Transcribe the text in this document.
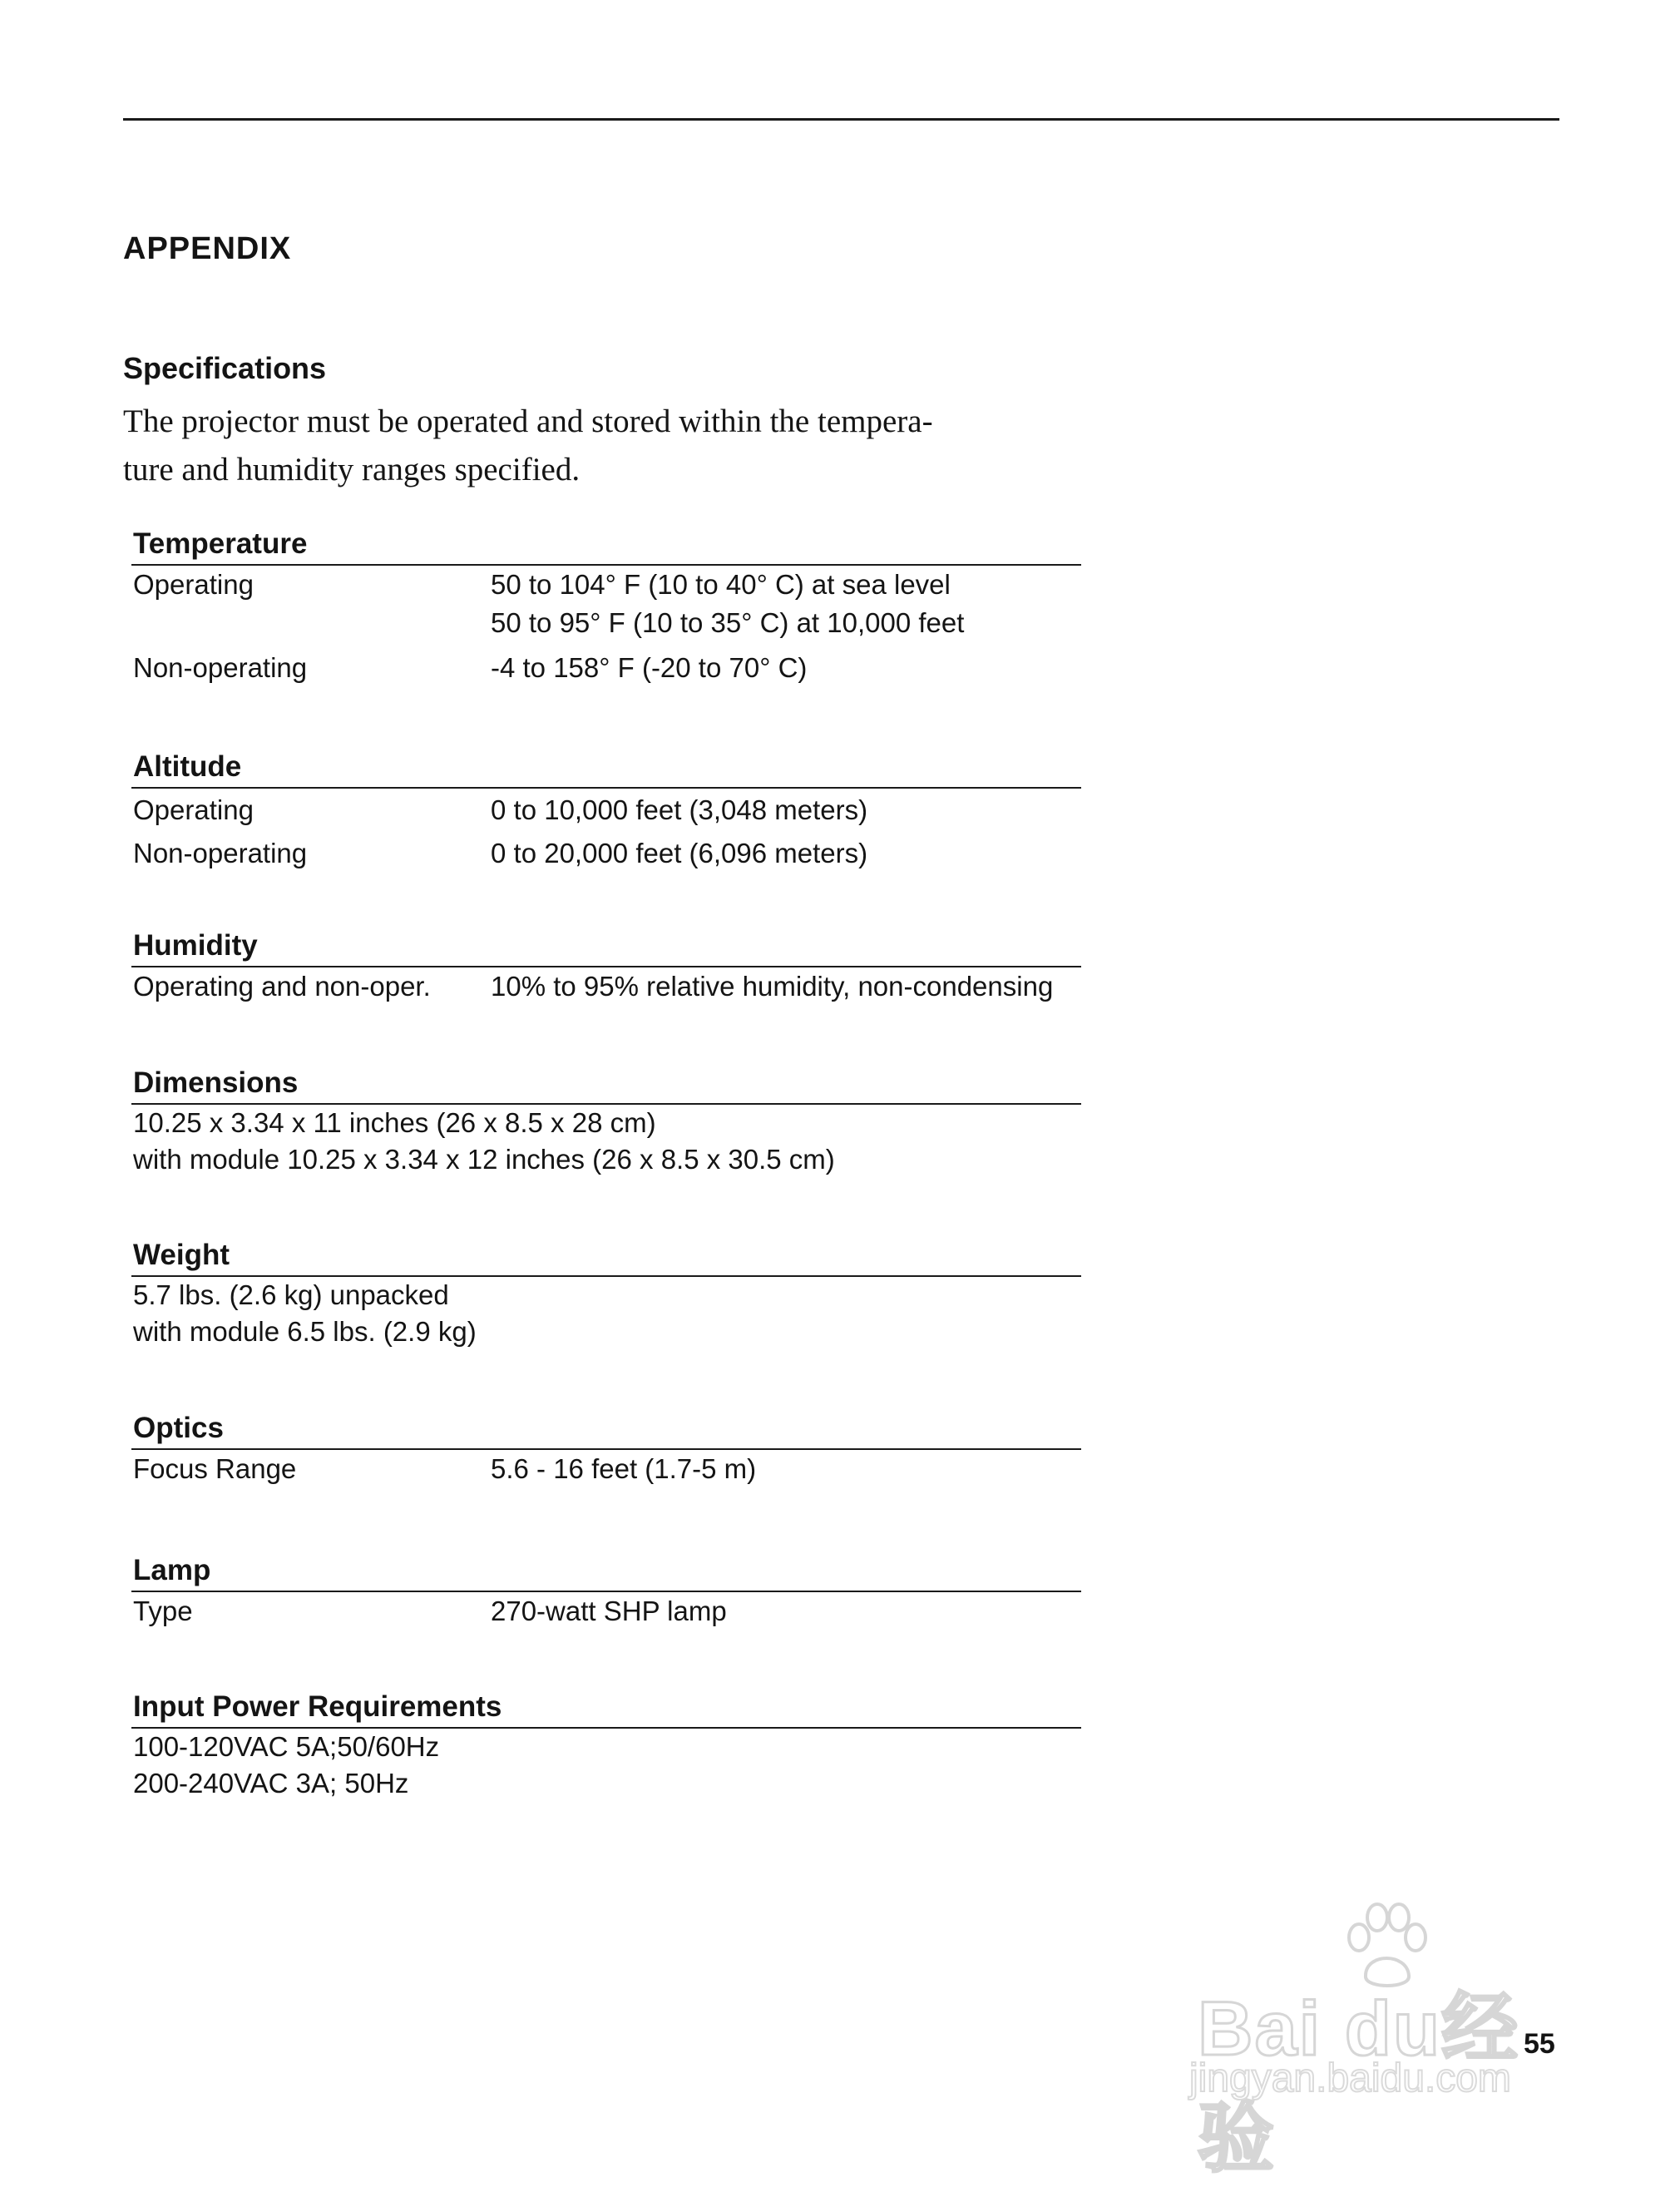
APPENDIX
Specifications
The projector must be operated and stored within the tempera-
ture and humidity ranges specified.
Temperature
Operating	50 to 104° F (10 to 40° C) at sea level
50 to 95° F (10 to 35° C) at 10,000 feet
Non-operating	-4 to 158° F (-20 to 70° C)
Altitude
Operating	0 to 10,000 feet (3,048 meters)
Non-operating	0 to 20,000 feet (6,096 meters)
Humidity
Operating and non-oper.	10% to 95% relative humidity, non-condensing
Dimensions
10.25 x 3.34 x 11 inches (26 x 8.5 x 28 cm)
with module 10.25 x 3.34 x 12 inches (26 x 8.5 x 30.5 cm)
Weight
5.7 lbs. (2.6 kg) unpacked
with module 6.5 lbs. (2.9 kg)
Optics
Focus Range	5.6 - 16 feet (1.7-5 m)
Lamp
Type	270-watt SHP lamp
Input Power Requirements
100-120VAC 5A;50/60Hz
200-240VAC 3A; 50Hz
Bai du经验
jingyan.baidu.com
55
